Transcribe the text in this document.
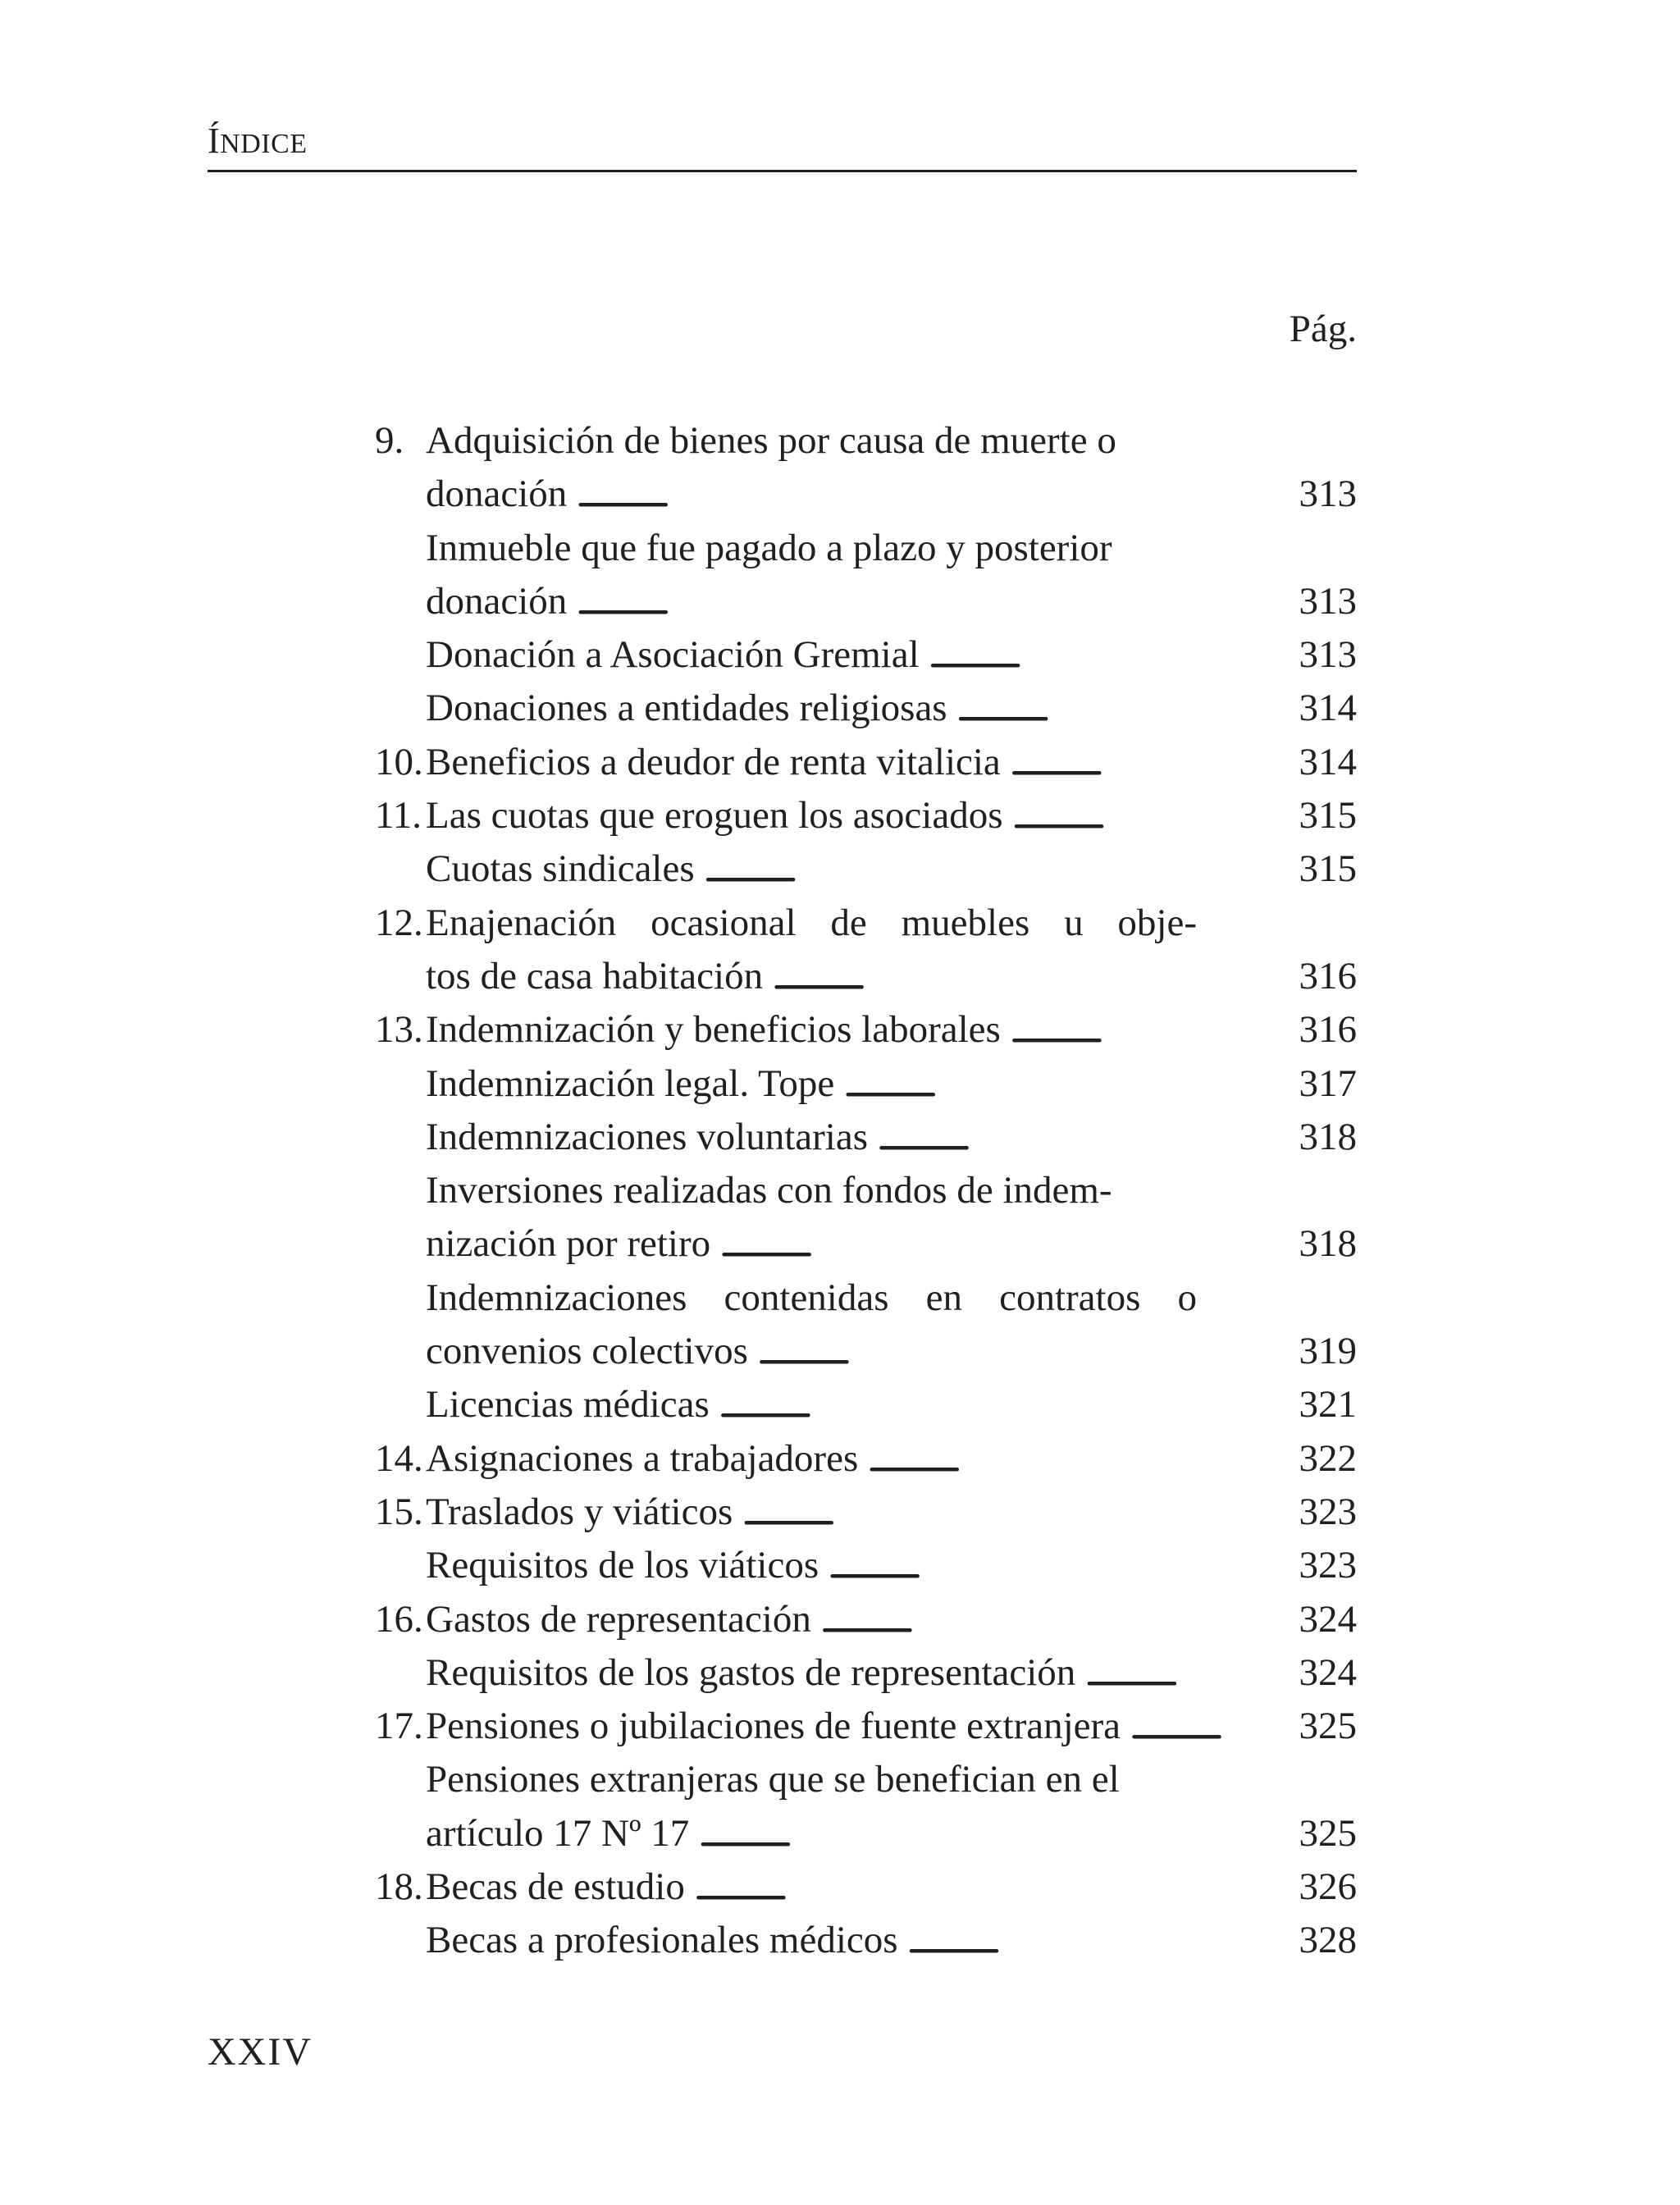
ÍNDICE
Pág.
9. Adquisición de bienes por causa de muerte o
donación . . .	313
Inmueble que fue pagado a plazo y posterior
donación . . .	313
Donación a Asociación Gremial . . .	313
Donaciones a entidades religiosas . . .	314
10. Beneficios a deudor de renta vitalicia . . .	314
11. Las cuotas que eroguen los asociados . . .	315
Cuotas sindicales . . .	315
12. Enajenación ocasional de muebles u obje-
tos de casa habitación . . .	316
13. Indemnización y beneficios laborales . . .	316
Indemnización legal. Tope . . .	317
Indemnizaciones voluntarias . . .	318
Inversiones realizadas con fondos de indem-
nización por retiro . . .	318
Indemnizaciones contenidas en contratos o
convenios colectivos . . .	319
Licencias médicas . . .	321
14. Asignaciones a trabajadores . . .	322
15. Traslados y viáticos . . .	323
Requisitos de los viáticos . . .	323
16. Gastos de representación . . .	324
Requisitos de los gastos de representación . . .	324
17. Pensiones o jubilaciones de fuente extranjera . . .	325
Pensiones extranjeras que se benefician en el
artículo 17 Nº 17 . . .	325
18. Becas de estudio . . .	326
Becas a profesionales médicos . . .	328
XXIV
